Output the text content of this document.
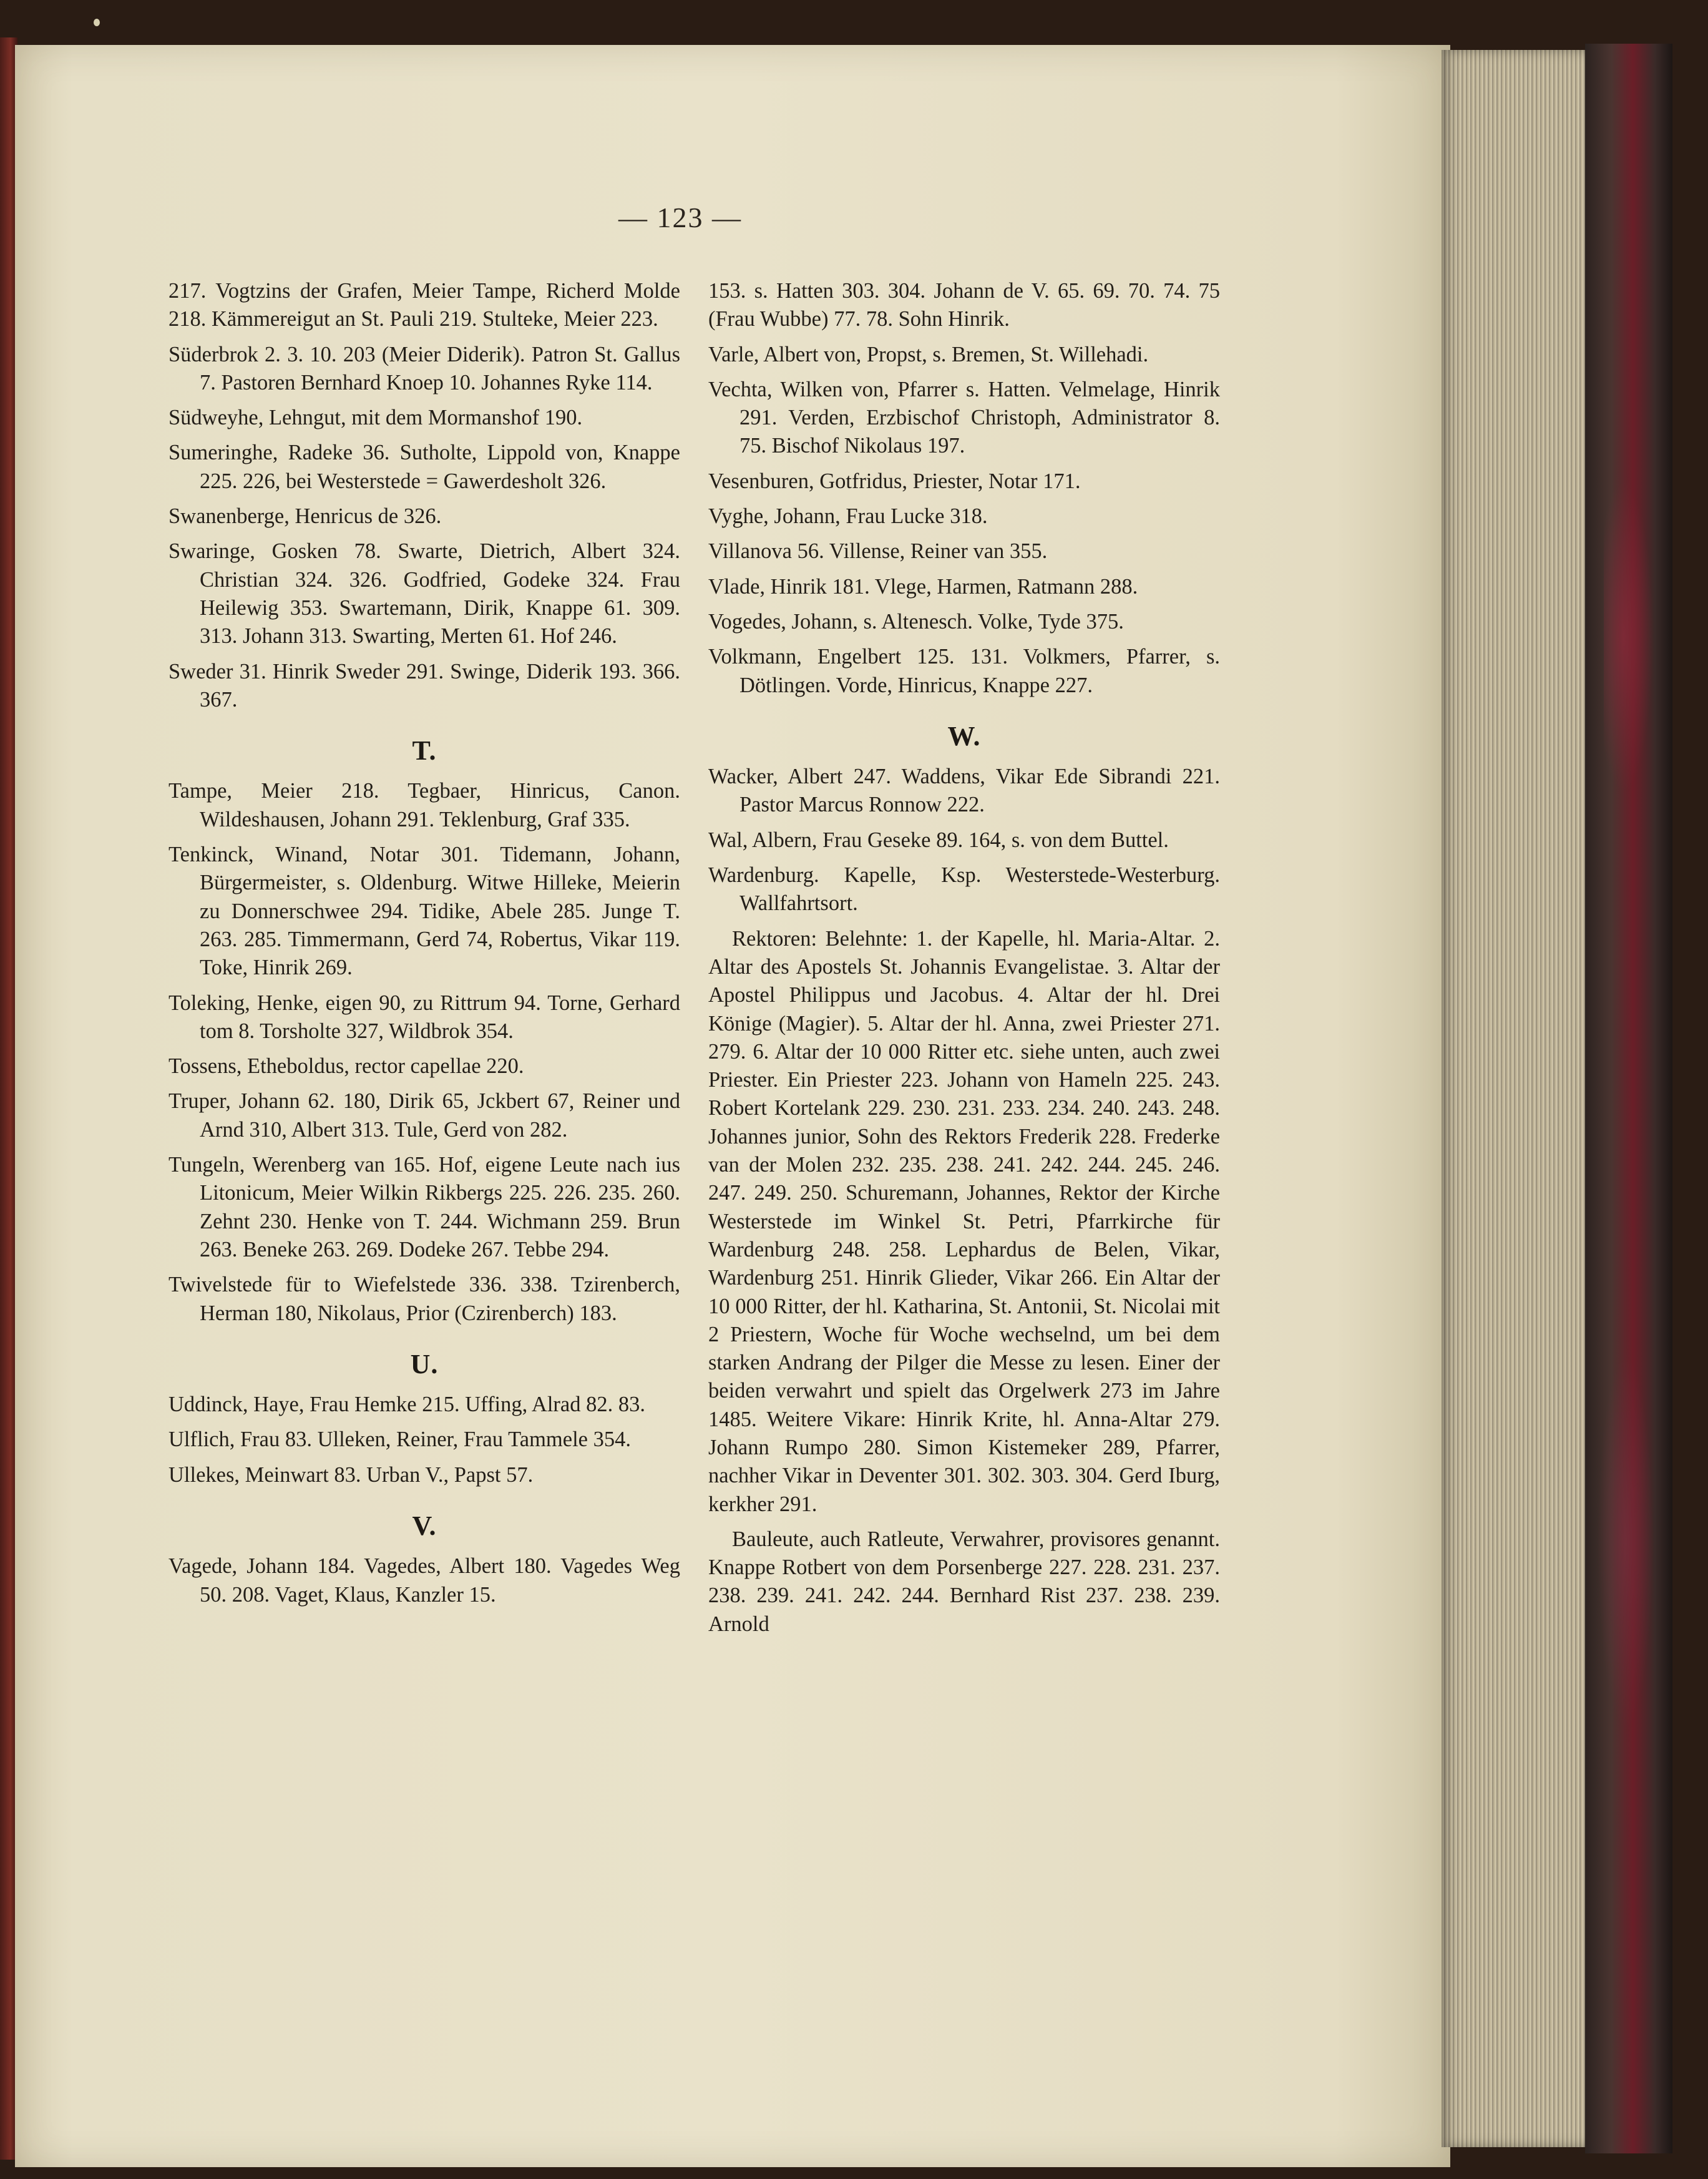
— 123 —
217. Vogtzins der Grafen, Meier Tampe, Richerd Molde 218. Kämmereigut an St. Pauli 219. Stulteke, Meier 223.
Süderbrok 2. 3. 10. 203 (Meier Diderik). Patron St. Gallus 7. Pastoren Bernhard Knoep 10. Johannes Ryke 114.
Südweyhe, Lehngut, mit dem Mormanshof 190.
Sumeringhe, Radeke 36. Sutholte, Lippold von, Knappe 225. 226, bei Westerstede = Gawerdesholt 326.
Swanenberge, Henricus de 326.
Swaringe, Gosken 78. Swarte, Dietrich, Albert 324. Christian 324. 326. Godfried, Godeke 324. Frau Heilewig 353. Swartemann, Dirik, Knappe 61. 309. 313. Johann 313. Swarting, Merten 61. Hof 246.
Sweder 31. Hinrik Sweder 291. Swinge, Diderik 193. 366. 367.
T.
Tampe, Meier 218. Tegbaer, Hinricus, Canon. Wildeshausen, Johann 291. Teklenburg, Graf 335.
Tenkinck, Winand, Notar 301. Tidemann, Johann, Bürgermeister, s. Oldenburg. Witwe Hilleke, Meierin zu Donnerschwee 294. Tidike, Abele 285. Junge T. 263. 285. Timmermann, Gerd 74, Robertus, Vikar 119. Toke, Hinrik 269.
Toleking, Henke, eigen 90, zu Rittrum 94. Torne, Gerhard tom 8. Torsholte 327, Wildbrok 354.
Tossens, Etheboldus, rector capellae 220.
Truper, Johann 62. 180, Dirik 65, Jckbert 67, Reiner und Arnd 310, Albert 313. Tule, Gerd von 282.
Tungeln, Werenberg van 165. Hof, eigene Leute nach ius Litonicum, Meier Wilkin Rikbergs 225. 226. 235. 260. Zehnt 230. Henke von T. 244. Wichmann 259. Brun 263. Beneke 263. 269. Dodeke 267. Tebbe 294.
Twivelstede für to Wiefelstede 336. 338. Tzirenberch, Herman 180, Nikolaus, Prior (Czirenberch) 183.
U.
Uddinck, Haye, Frau Hemke 215. Uffing, Alrad 82. 83.
Ulflich, Frau 83. Ulleken, Reiner, Frau Tammele 354.
Ullekes, Meinwart 83. Urban V., Papst 57.
V.
Vagede, Johann 184. Vagedes, Albert 180. Vagedes Weg 50. 208. Vaget, Klaus, Kanzler 15.
153. s. Hatten 303. 304. Johann de V. 65. 69. 70. 74. 75 (Frau Wubbe) 77. 78. Sohn Hinrik.
Varle, Albert von, Propst, s. Bremen, St. Willehadi.
Vechta, Wilken von, Pfarrer s. Hatten. Velmelage, Hinrik 291. Verden, Erzbischof Christoph, Administrator 8. 75. Bischof Nikolaus 197.
Vesenburen, Gotfridus, Priester, Notar 171.
Vyghe, Johann, Frau Lucke 318.
Villanova 56. Villense, Reiner van 355.
Vlade, Hinrik 181. Vlege, Harmen, Ratmann 288.
Vogedes, Johann, s. Altenesch. Volke, Tyde 375.
Volkmann, Engelbert 125. 131. Volkmers, Pfarrer, s. Dötlingen. Vorde, Hinricus, Knappe 227.
W.
Wacker, Albert 247. Waddens, Vikar Ede Sibrandi 221. Pastor Marcus Ronnow 222.
Wal, Albern, Frau Geseke 89. 164, s. von dem Buttel.
Wardenburg. Kapelle, Ksp. Westerstede-Westerburg. Wallfahrtsort.
Rektoren: Belehnte: 1. der Kapelle, hl. Maria-Altar. 2. Altar des Apostels St. Johannis Evangelistae. 3. Altar der Apostel Philippus und Jacobus. 4. Altar der hl. Drei Könige (Magier). 5. Altar der hl. Anna, zwei Priester 271. 279. 6. Altar der 10 000 Ritter etc. siehe unten, auch zwei Priester. Ein Priester 223. Johann von Hameln 225. 243. Robert Kortelank 229. 230. 231. 233. 234. 240. 243. 248. Johannes junior, Sohn des Rektors Frederik 228. Frederke van der Molen 232. 235. 238. 241. 242. 244. 245. 246. 247. 249. 250. Schuremann, Johannes, Rektor der Kirche Westerstede im Winkel St. Petri, Pfarrkirche für Wardenburg 248. 258. Lephardus de Belen, Vikar, Wardenburg 251. Hinrik Glieder, Vikar 266. Ein Altar der 10 000 Ritter, der hl. Katharina, St. Antonii, St. Nicolai mit 2 Priestern, Woche für Woche wechselnd, um bei dem starken Andrang der Pilger die Messe zu lesen. Einer der beiden verwahrt und spielt das Orgelwerk 273 im Jahre 1485. Weitere Vikare: Hinrik Krite, hl. Anna-Altar 279. Johann Rumpo 280. Simon Kistemeker 289, Pfarrer, nachher Vikar in Deventer 301. 302. 303. 304. Gerd Iburg, kerkher 291.
Bauleute, auch Ratleute, Verwahrer, provisores genannt. Knappe Rotbert von dem Porsenberge 227. 228. 231. 237. 238. 239. 241. 242. 244. Bernhard Rist 237. 238. 239. Arnold
